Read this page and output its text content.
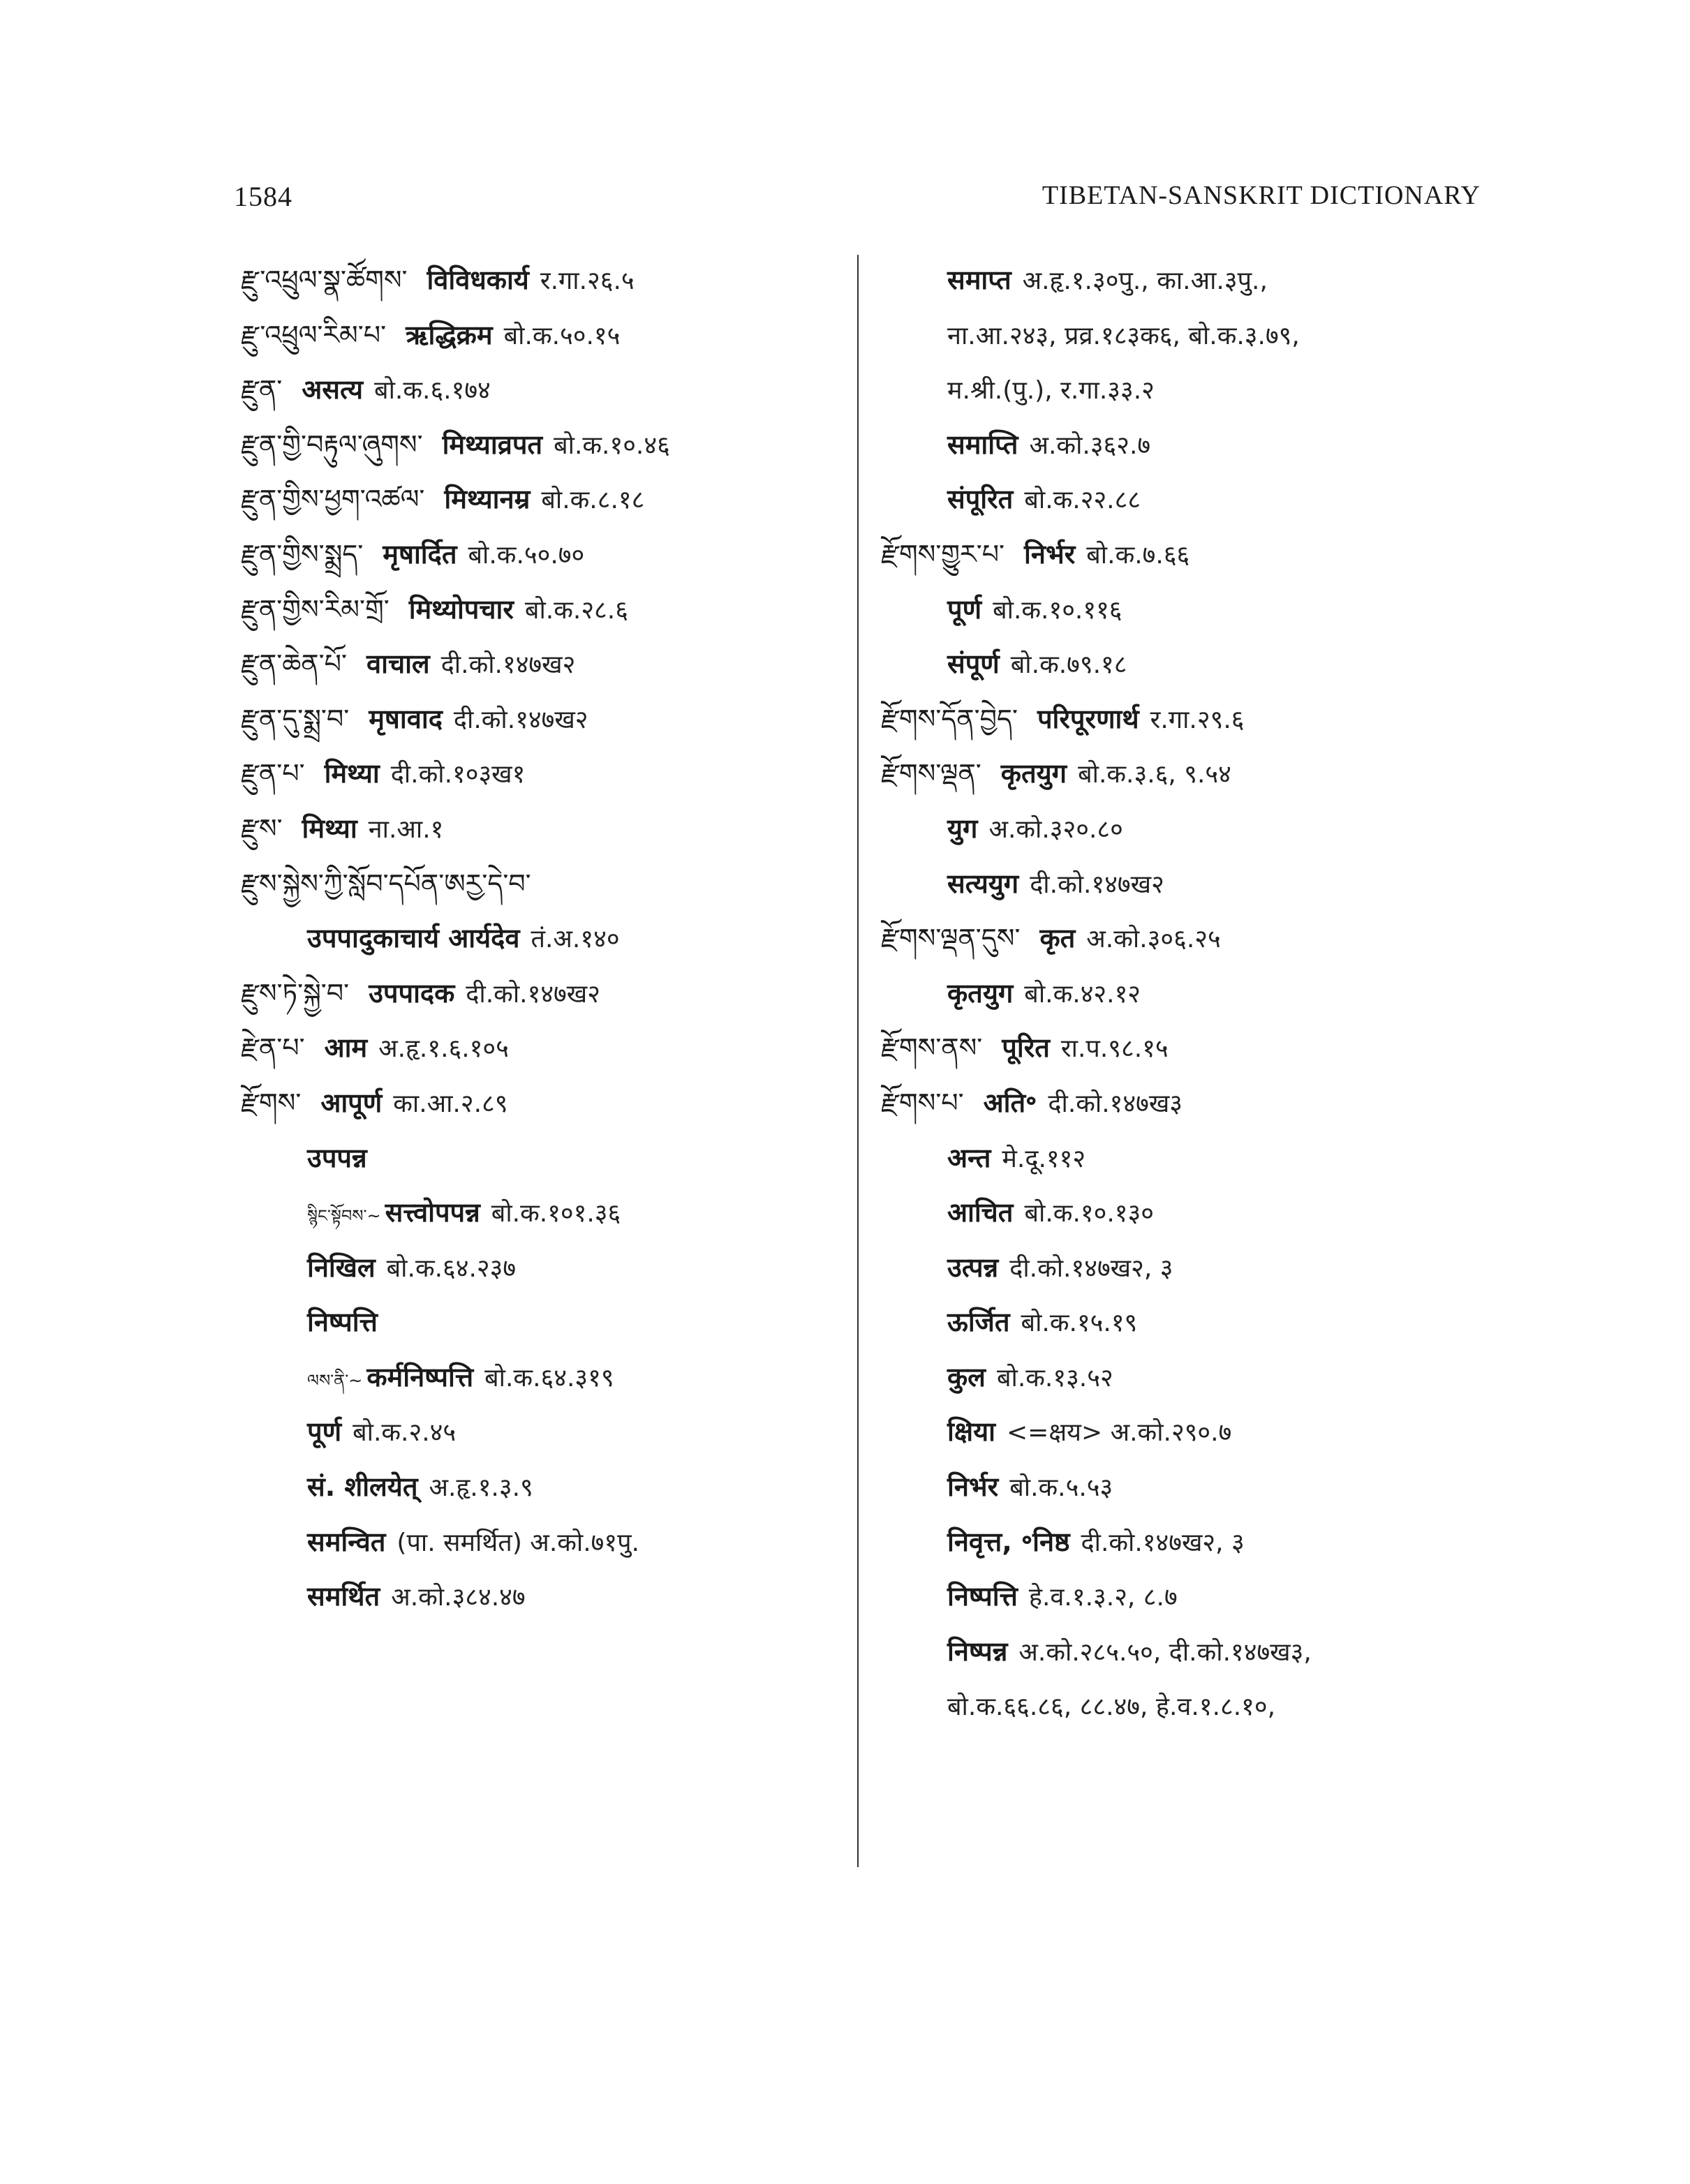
1584	TIBETAN-SANSKRIT DICTIONARY
རྫུ་འཕྲུལ་སྣ་ཚོགས་ विविधकार्य र.गा.२६.५
རྫུ་འཕྲུལ་རིམ་པ་ ऋद्धिक्रम बो.क.५०.१५
རྫུན་ असत्य बो.क.६.१७४
རྫུན་གྱི་བརྟུལ་ཞུགས་ मिथ्याव्रपत बो.क.१०.४६
རྫུན་གྱིས་ཕྱག་འཚལ་ मिथ्यानम्र बो.क.८.१८
རྫུན་གྱིས་སྨྲད་ मृषार्दित बो.क.५०.७०
རྫུན་གྱིས་རིམ་གྲོ་ मिथ्योपचार बो.क.२८.६
རྫུན་ཆེན་པོ་ वाचाल दी.को.१४७ख२
རྫུན་དུ་སྨྲ་བ་ मृषावाद दी.को.१४७ख२
རྫུན་པ་ मिथ्या दी.को.१०३ख१
རྫུས་ मिथ्या ना.आ.१
རྫུས་སྐྱེས་ཀྱི་སློབ་དཔོན་ཨརྱ་དེ་བ་
उपपादुकाचार्य आर्यदेव तं.अ.१४०
རྫུས་ཏེ་སྐྱེ་བ་ उपपादक दी.को.१४७ख२
རྫེན་པ་ आम अ.हृ.१.६.१०५
རྫོགས་ आपूर्ण का.आ.२.८९
उपपन्न
སྙིང་སྟོབས་~ सत्त्वोपपन्न बो.क.१०१.३६
निखिल बो.क.६४.२३७
निष्पत्ति
ལས་ནི་~ कर्मनिष्पत्ति बो.क.६४.३१९
पूर्ण बो.क.२.४५
सं. शीलयेत् अ.हृ.१.३.९
समन्वित (पा. समर्थित) अ.को.७१पु.
समर्थित अ.को.३८४.४७
समाप्त अ.हृ.१.३०पु., का.आ.३पु.,
ना.आ.२४३, प्रव्र.१८३क६, बो.क.३.७९,
म.श्री.(पु.), र.गा.३३.२
समाप्ति अ.को.३६२.७
संपूरित बो.क.२२.८८
རྫོགས་གྱུར་པ་ निर्भर बो.क.७.६६
पूर्ण बो.क.१०.११६
संपूर्ण बो.क.७९.१८
རྫོགས་དོན་བྱེད་ परिपूरणार्थ र.गा.२९.६
རྫོགས་ལྡན་ कृतयुग बो.क.३.६, ९.५४
युग अ.को.३२०.८०
सत्ययुग दी.को.१४७ख२
རྫོགས་ལྡན་དུས་ कृत अ.को.३०६.२५
कृतयुग बो.क.४२.१२
རྫོགས་ནས་ पूरित रा.प.९८.१५
རྫོགས་པ་ अति॰ दी.को.१४७ख३
अन्त मे.दू.११२
आचित बो.क.१०.१३०
उत्पन्न दी.को.१४७ख२, ३
ऊर्जित बो.क.१५.१९
कुल बो.क.१३.५२
क्षिया <=क्षय> अ.को.२९०.७
निर्भर बो.क.५.५३
निवृत्त, ॰निष्ठ दी.को.१४७ख२, ३
निष्पत्ति हे.व.१.३.२, ८.७
निष्पन्न अ.को.२८५.५०, दी.को.१४७ख३,
बो.क.६६.८६, ८८.४७, हे.व.१.८.१०,
